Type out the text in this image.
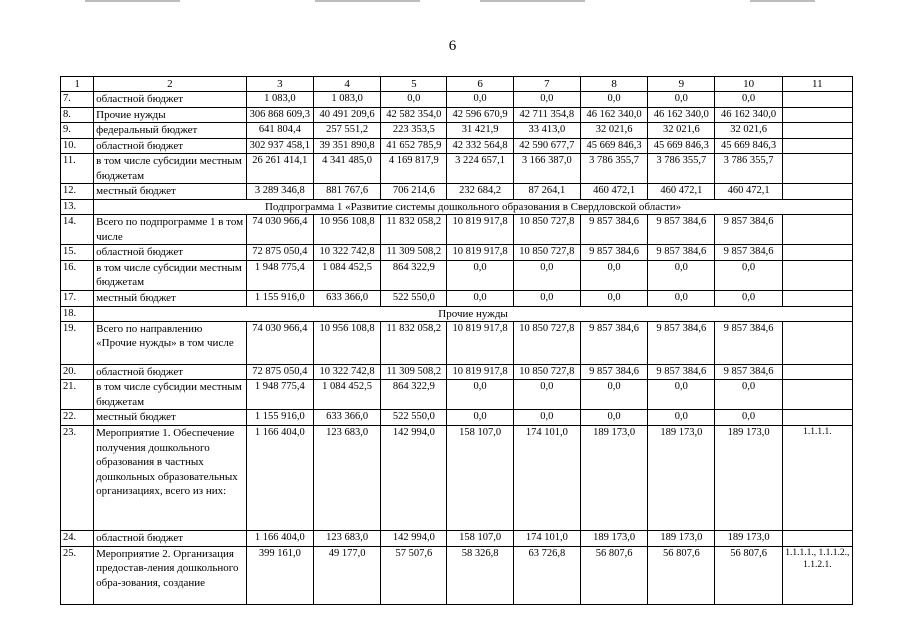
6
1	2	3	4	5	6	7	8	9	10	11
7.	областной бюджет	1 083,0	1 083,0	0,0	0,0	0,0	0,0	0,0	0,0	
8.	Прочие нужды	306 868 609,3	40 491 209,6	42 582 354,0	42 596 670,9	42 711 354,8	46 162 340,0	46 162 340,0	46 162 340,0	
9.	федеральный бюджет	641 804,4	257 551,2	223 353,5	31 421,9	33 413,0	32 021,6	32 021,6	32 021,6	
10.	областной бюджет	302 937 458,1	39 351 890,8	41 652 785,9	42 332 564,8	42 590 677,7	45 669 846,3	45 669 846,3	45 669 846,3	
11.	в том числе субсидии местным бюджетам	26 261 414,1	4 341 485,0	4 169 817,9	3 224 657,1	3 166 387,0	3 786 355,7	3 786 355,7	3 786 355,7	
12.	местный бюджет	3 289 346,8	881 767,6	706 214,6	232 684,2	87 264,1	460 472,1	460 472,1	460 472,1	
13.	Подпрограмма 1 «Развитие системы дошкольного образования в Свердловской области»									
14.	Всего по подпрограмме 1 в том числе	74 030 966,4	10 956 108,8	11 832 058,2	10 819 917,8	10 850 727,8	9 857 384,6	9 857 384,6	9 857 384,6	
15.	областной бюджет	72 875 050,4	10 322 742,8	11 309 508,2	10 819 917,8	10 850 727,8	9 857 384,6	9 857 384,6	9 857 384,6	
16.	в том числе субсидии местным бюджетам	1 948 775,4	1 084 452,5	864 322,9	0,0	0,0	0,0	0,0	0,0	
17.	местный бюджет	1 155 916,0	633 366,0	522 550,0	0,0	0,0	0,0	0,0	0,0	
18.	Прочие нужды									
19.	Всего по направлению «Прочие нужды» в том числе	74 030 966,4	10 956 108,8	11 832 058,2	10 819 917,8	10 850 727,8	9 857 384,6	9 857 384,6	9 857 384,6	
20.	областной бюджет	72 875 050,4	10 322 742,8	11 309 508,2	10 819 917,8	10 850 727,8	9 857 384,6	9 857 384,6	9 857 384,6	
21.	в том числе субсидии местным бюджетам	1 948 775,4	1 084 452,5	864 322,9	0,0	0,0	0,0	0,0	0,0	
22.	местный бюджет	1 155 916,0	633 366,0	522 550,0	0,0	0,0	0,0	0,0	0,0	
23.	Мероприятие 1. Обеспечение получения дошкольного образования в частных дошкольных образовательных организациях, всего из них:	1 166 404,0	123 683,0	142 994,0	158 107,0	174 101,0	189 173,0	189 173,0	189 173,0	1.1.1.1.
24.	областной бюджет	1 166 404,0	123 683,0	142 994,0	158 107,0	174 101,0	189 173,0	189 173,0	189 173,0	
25.	Мероприятие 2. Организация предостав-ления дошкольного обра-зования, создание	399 161,0	49 177,0	57 507,6	58 326,8	63 726,8	56 807,6	56 807,6	56 807,6	1.1.1.1., 1.1.1.2., 1.1.2.1.
